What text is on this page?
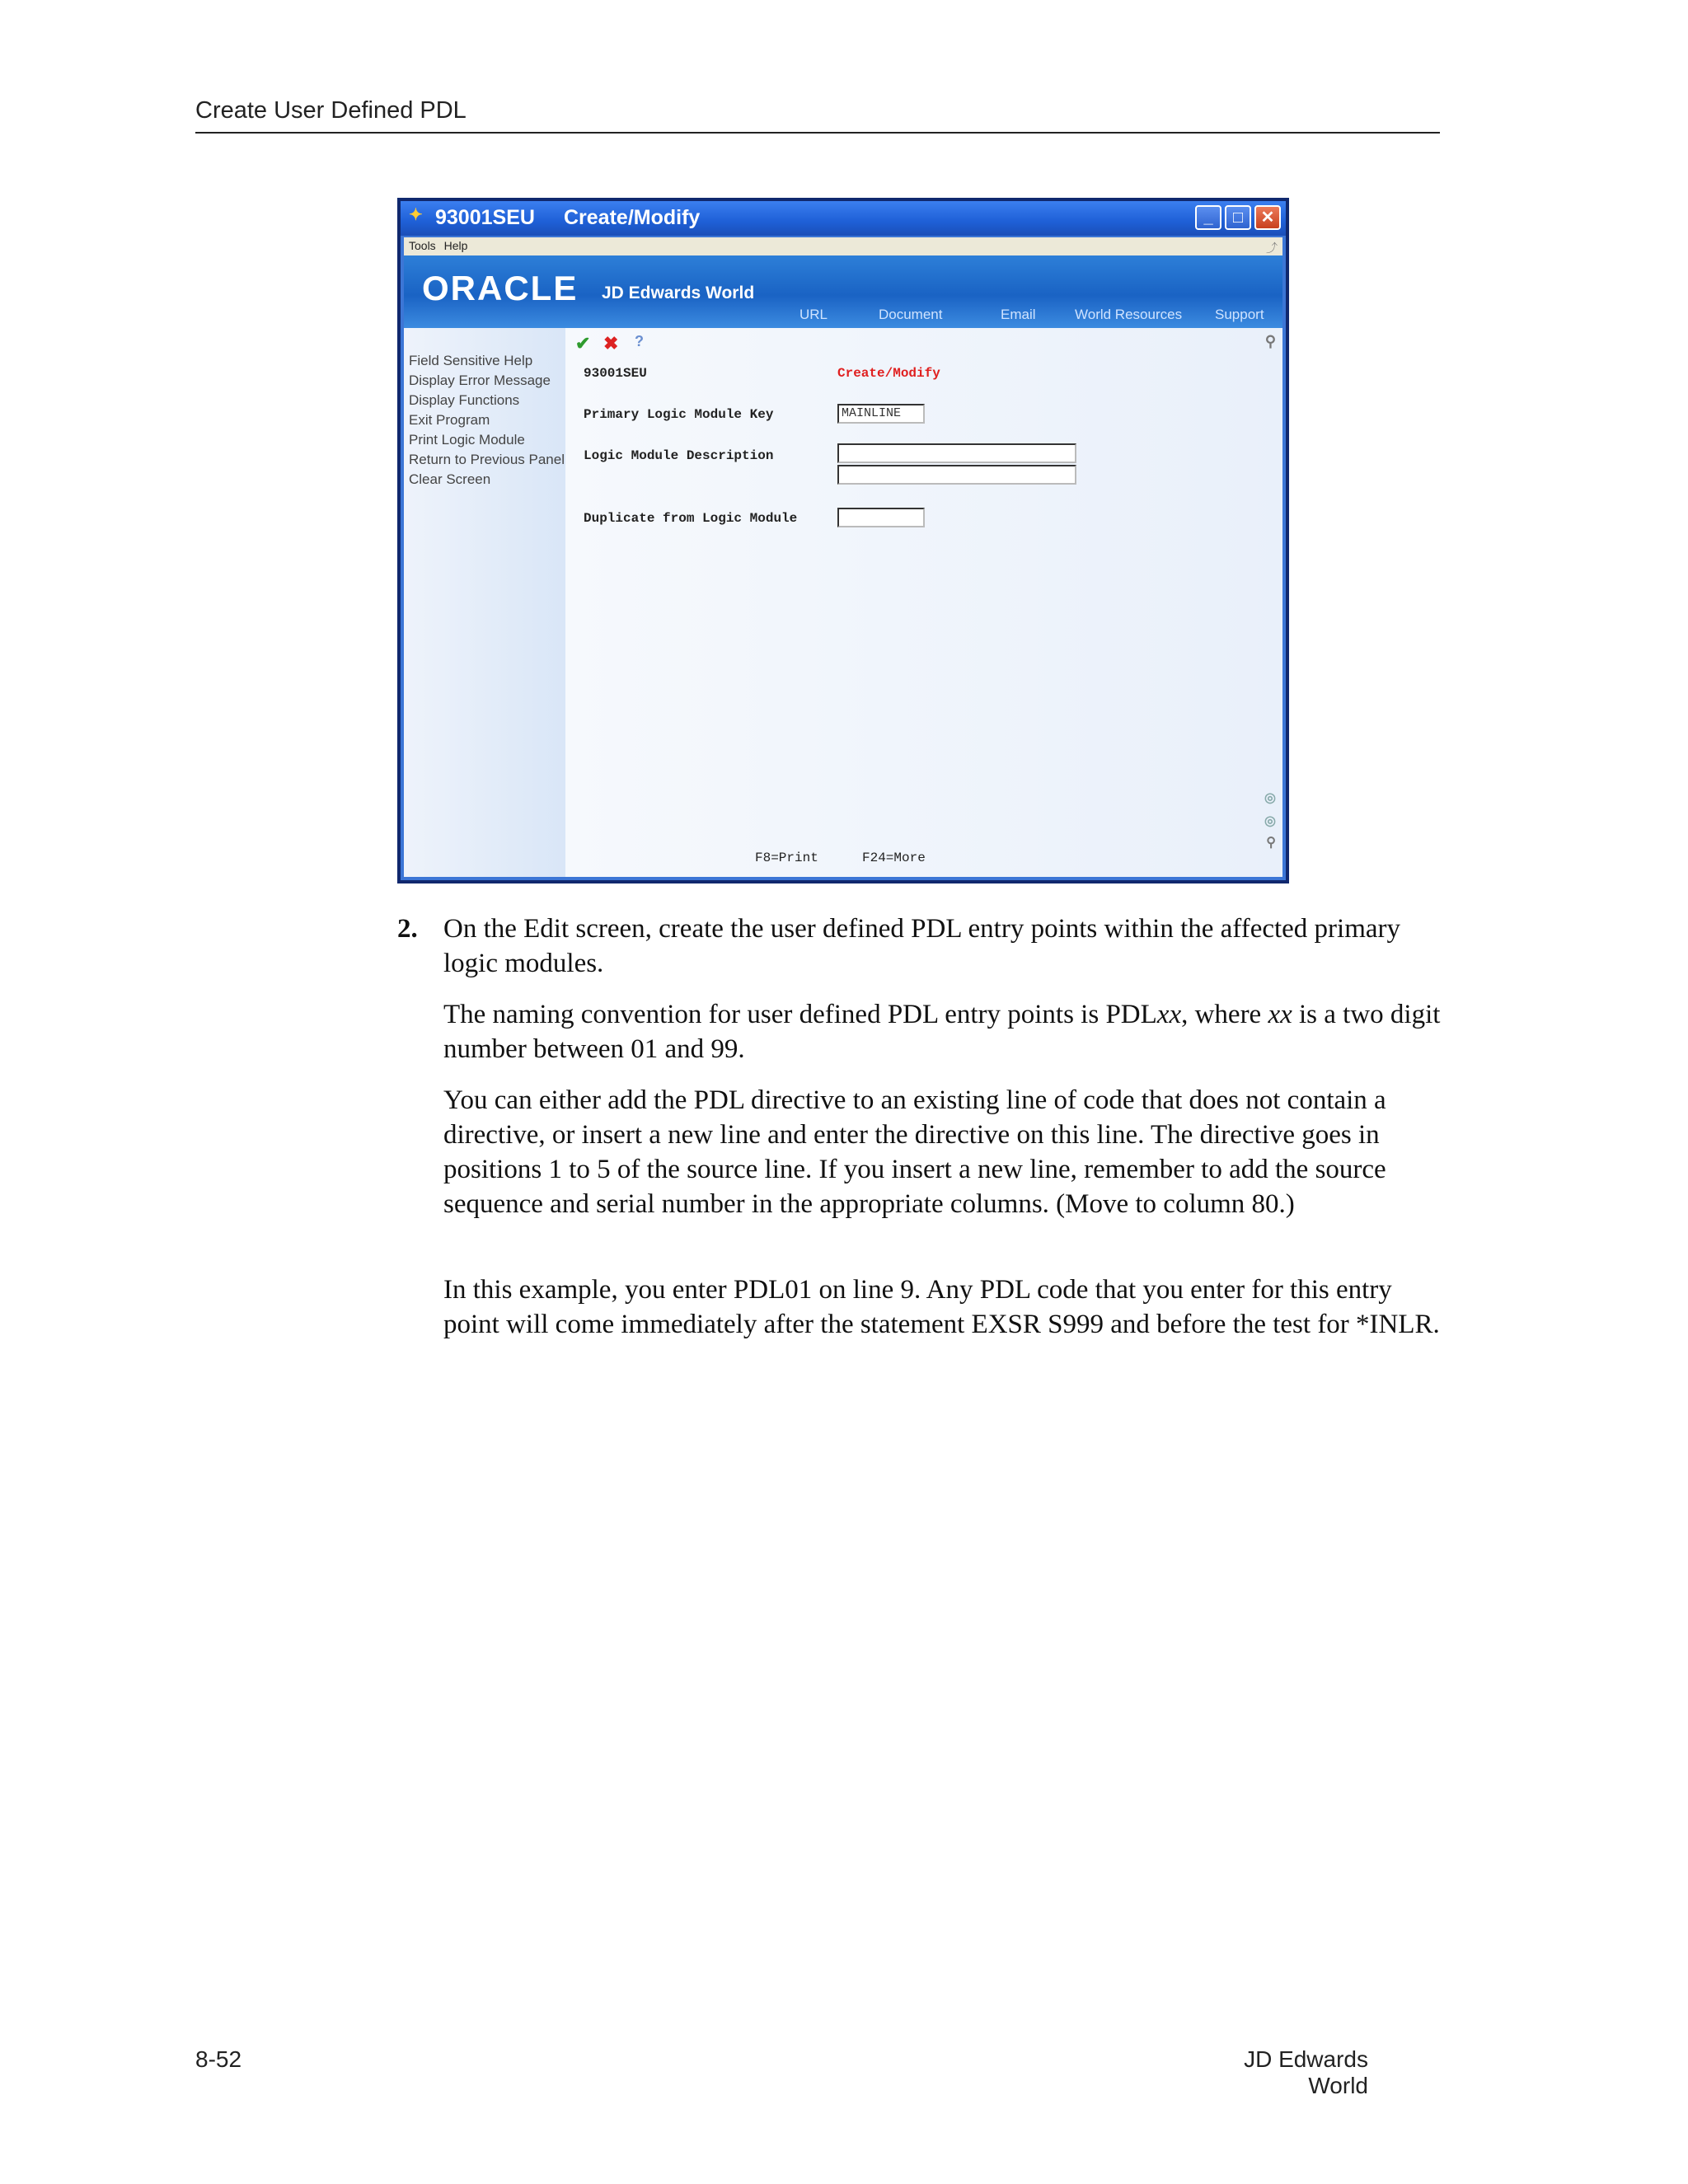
Create User Defined PDL
✦ 93001SEU Create/Modify	_	□	✕
Tools Help	⤴
ORACLE JD Edwards World
URL	Document	Email	World Resources Support
Field Sensitive Help
Display Error Message
Display Functions
Exit Program
Print Logic Module
Return to Previous Panel
Clear Screen
✔ ✖ ?	⚲
93001SEU	Create/Modify
Primary Logic Module Key	MAINLINE
Logic Module Description
Duplicate from Logic Module
F8=Print	F24=More
◎
◎
⚲
2. On the Edit screen, create the user defined PDL entry points within the affected primary logic modules.
The naming convention for user defined PDL entry points is PDLxx, where xx is a two digit number between 01 and 99.
You can either add the PDL directive to an existing line of code that does not contain a directive, or insert a new line and enter the directive on this line. The directive goes in positions 1 to 5 of the source line. If you insert a new line, remember to add the source sequence and serial number in the appropriate columns. (Move to column 80.)
In this example, you enter PDL01 on line 9. Any PDL code that you enter for this entry point will come immediately after the statement EXSR S999 and before the test for *INLR.
8-52	JD Edwards World
